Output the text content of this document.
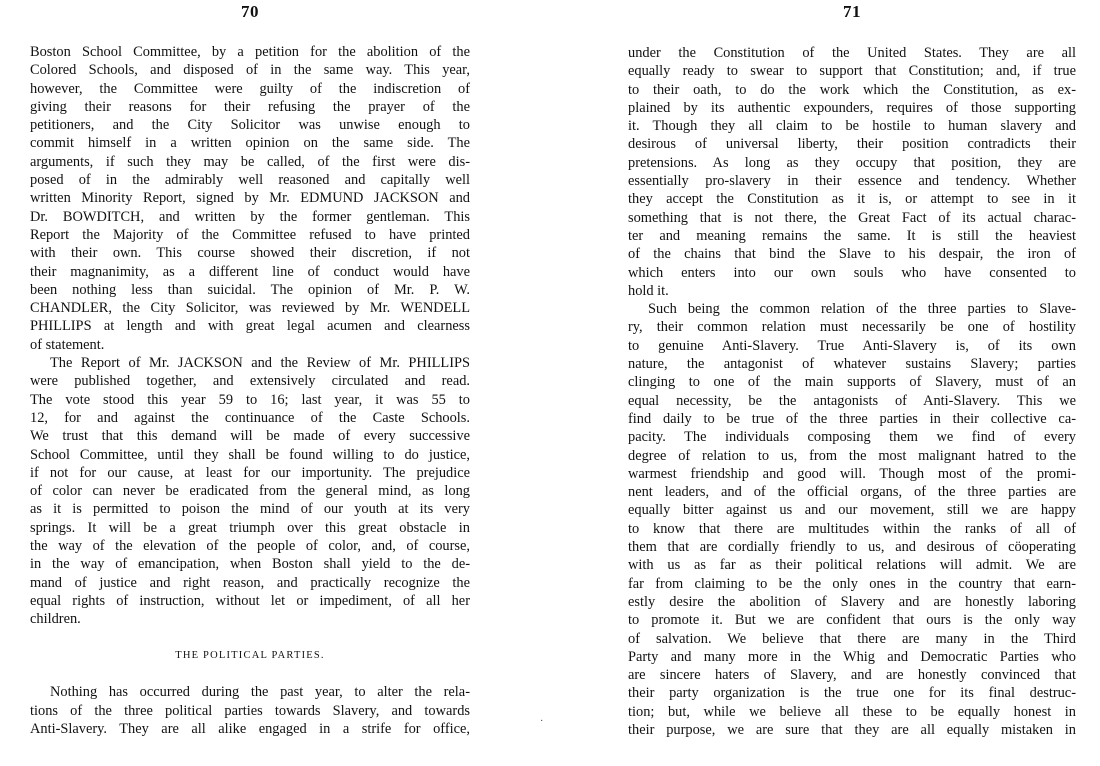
70
Boston School Committee, by a petition for the abolition of the
Colored Schools, and disposed of in the same way. This year,
however, the Committee were guilty of the indiscretion of
giving their reasons for their refusing the prayer of the
petitioners, and the City Solicitor was unwise enough to
commit himself in a written opinion on the same side. The
arguments, if such they may be called, of the first were dis-
posed of in the admirably well reasoned and capitally well
written Minority Report, signed by Mr. EDMUND JACKSON and
Dr. BOWDITCH, and written by the former gentleman. This
Report the Majority of the Committee refused to have printed
with their own. This course showed their discretion, if not
their magnanimity, as a different line of conduct would have
been nothing less than suicidal. The opinion of Mr. P. W.
CHANDLER, the City Solicitor, was reviewed by Mr. WENDELL
PHILLIPS at length and with great legal acumen and clearness
of statement.
The Report of Mr. JACKSON and the Review of Mr. PHILLIPS
were published together, and extensively circulated and read.
The vote stood this year 59 to 16; last year, it was 55 to
12, for and against the continuance of the Caste Schools.
We trust that this demand will be made of every successive
School Committee, until they shall be found willing to do justice,
if not for our cause, at least for our importunity. The prejudice
of color can never be eradicated from the general mind, as long
as it is permitted to poison the mind of our youth at its very
springs. It will be a great triumph over this great obstacle in
the way of the elevation of the people of color, and, of course,
in the way of emancipation, when Boston shall yield to the de-
mand of justice and right reason, and practically recognize the
equal rights of instruction, without let or impediment, of all her
children.
THE POLITICAL PARTIES.
Nothing has occurred during the past year, to alter the rela-
tions of the three political parties towards Slavery, and towards
Anti-Slavery. They are all alike engaged in a strife for office,	·
71
under the Constitution of the United States. They are all
equally ready to swear to support that Constitution; and, if true
to their oath, to do the work which the Constitution, as ex-
plained by its authentic expounders, requires of those supporting
it. Though they all claim to be hostile to human slavery and
desirous of universal liberty, their position contradicts their
pretensions. As long as they occupy that position, they are
essentially pro-slavery in their essence and tendency. Whether
they accept the Constitution as it is, or attempt to see in it
something that is not there, the Great Fact of its actual charac-
ter and meaning remains the same. It is still the heaviest
of the chains that bind the Slave to his despair, the iron of
which enters into our own souls who have consented to
hold it.
Such being the common relation of the three parties to Slave-
ry, their common relation must necessarily be one of hostility
to genuine Anti-Slavery. True Anti-Slavery is, of its own
nature, the antagonist of whatever sustains Slavery; parties
clinging to one of the main supports of Slavery, must of an
equal necessity, be the antagonists of Anti-Slavery. This we
find daily to be true of the three parties in their collective ca-
pacity. The individuals composing them we find of every
degree of relation to us, from the most malignant hatred to the
warmest friendship and good will. Though most of the promi-
nent leaders, and of the official organs, of the three parties are
equally bitter against us and our movement, still we are happy
to know that there are multitudes within the ranks of all of
them that are cordially friendly to us, and desirous of cöoperating
with us as far as their political relations will admit. We are
far from claiming to be the only ones in the country that earn-
estly desire the abolition of Slavery and are honestly laboring
to promote it. But we are confident that ours is the only way
of salvation. We believe that there are many in the Third
Party and many more in the Whig and Democratic Parties who
are sincere haters of Slavery, and are honestly convinced that
their party organization is the true one for its final destruc-
tion; but, while we believe all these to be equally honest in
their purpose, we are sure that they are all equally mistaken in
